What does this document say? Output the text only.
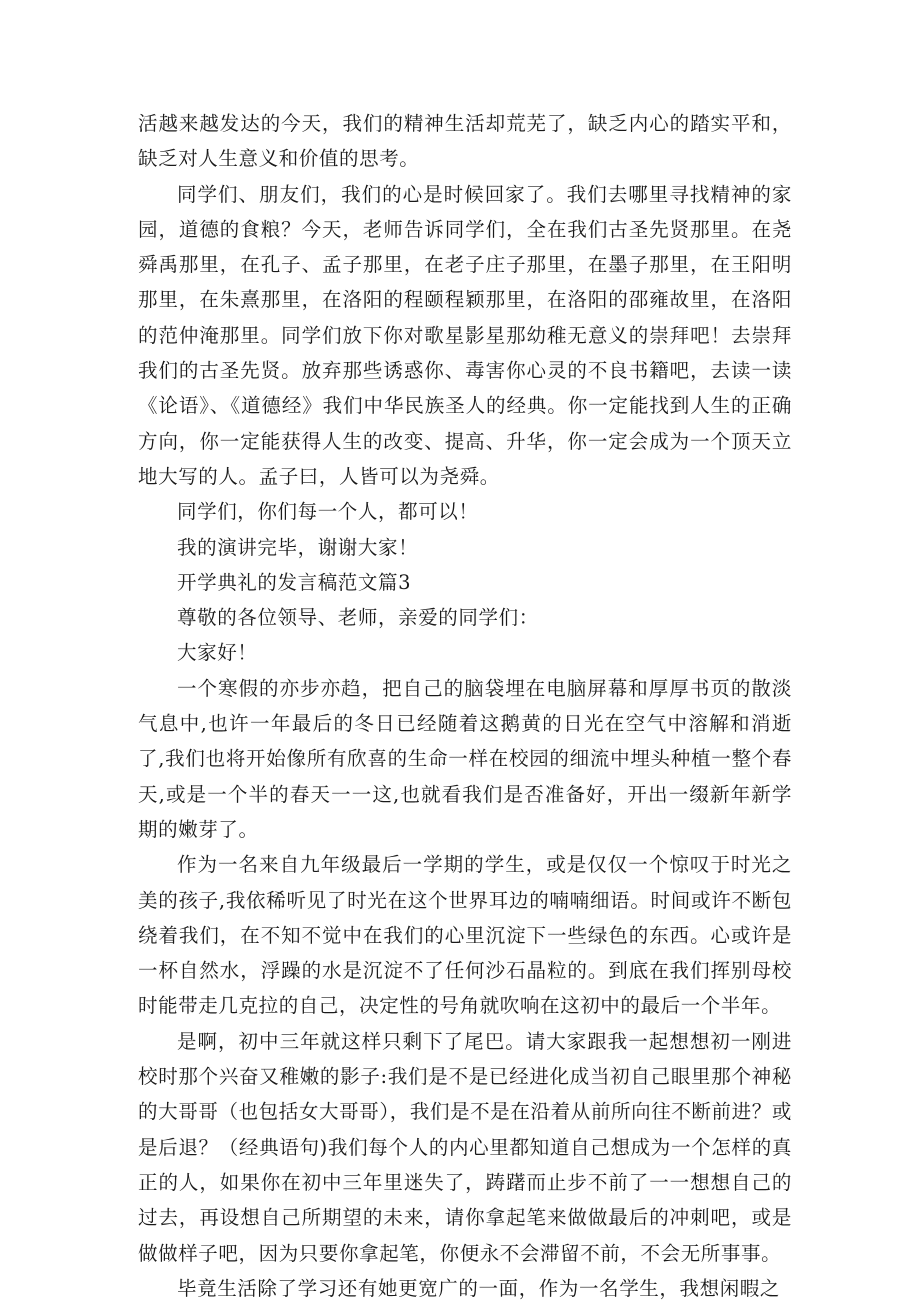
活越来越发达的今天，我们的精神生活却荒芜了，缺乏内心的踏实平和，缺乏对人生意义和价值的思考。

同学们、朋友们，我们的心是时候回家了。我们去哪里寻找精神的家园，道德的食粮？今天，老师告诉同学们，全在我们古圣先贤那里。在尧舜禹那里，在孔子、孟子那里，在老子庄子那里，在墨子那里，在王阳明那里，在朱熹那里，在洛阳的程颐程颖那里，在洛阳的邵雍故里，在洛阳的范仲淹那里。同学们放下你对歌星影星那幼稚无意义的崇拜吧！去崇拜我们的古圣先贤。放弃那些诱惑你、毒害你心灵的不良书籍吧，去读一读《论语》、《道德经》我们中华民族圣人的经典。你一定能找到人生的正确方向，你一定能获得人生的改变、提高、升华，你一定会成为一个顶天立地大写的人。孟子曰，人皆可以为尧舜。

同学们，你们每一个人，都可以！

我的演讲完毕，谢谢大家！

开学典礼的发言稿范文篇3

尊敬的各位领导、老师，亲爱的同学们：

大家好！

一个寒假的亦步亦趋，把自己的脑袋埋在电脑屏幕和厚厚书页的散淡气息中,也许一年最后的冬日已经随着这鹅黄的日光在空气中溶解和消逝了,我们也将开始像所有欣喜的生命一样在校园的细流中埋头种植一整个春天,或是一个半的春天一一这,也就看我们是否准备好，开出一缀新年新学期的嫩芽了。

作为一名来自九年级最后一学期的学生，或是仅仅一个惊叹于时光之美的孩子,我依稀听见了时光在这个世界耳边的喃喃细语。时间或许不断包绕着我们，在不知不觉中在我们的心里沉淀下一些绿色的东西。心或许是一杯自然水，浮躁的水是沉淀不了任何沙石晶粒的。到底在我们挥别母校时能带走几克拉的自己，决定性的号角就吹响在这初中的最后一个半年。

是啊，初中三年就这样只剩下了尾巴。请大家跟我一起想想初一刚进校时那个兴奋又稚嫩的影子:我们是不是已经进化成当初自己眼里那个神秘的大哥哥（也包括女大哥哥），我们是不是在沿着从前所向往不断前进？或是后退？（经典语句)我们每个人的内心里都知道自己想成为一个怎样的真正的人，如果你在初中三年里迷失了，踌躇而止步不前了一一想想自己的过去，再设想自己所期望的未来，请你拿起笔来做做最后的冲刺吧，或是做做样子吧，因为只要你拿起笔，你便永不会滞留不前，不会无所事事。

毕竟生活除了学习还有她更宽广的一面，作为一名学生，我想闲暇之
